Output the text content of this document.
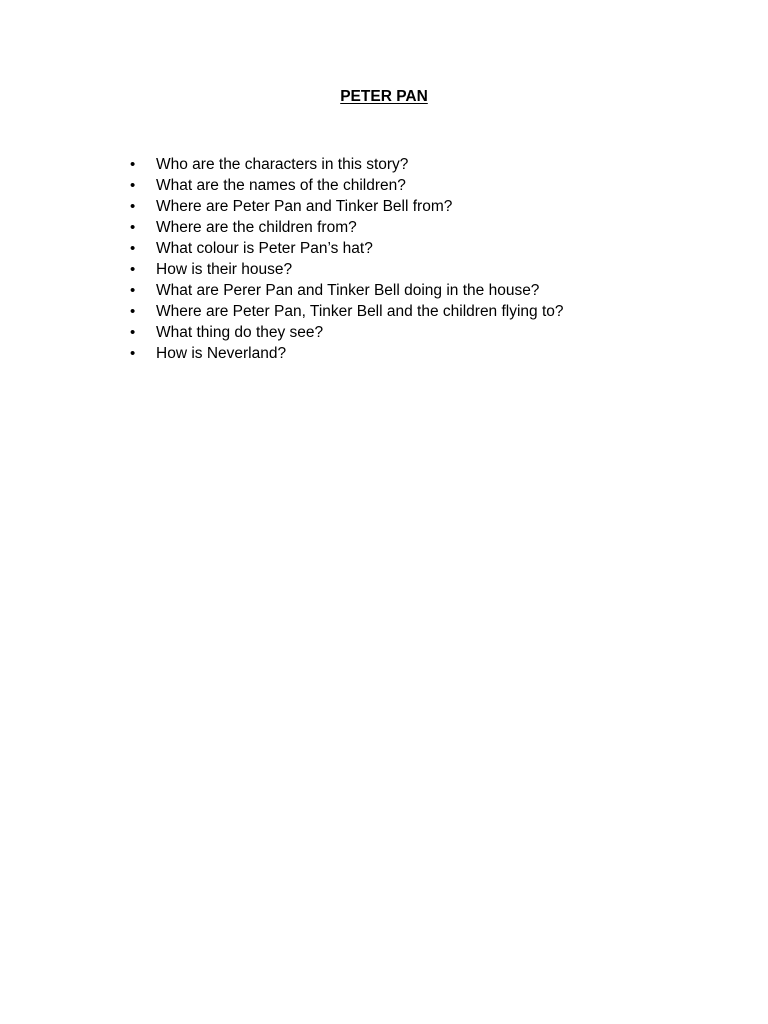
PETER PAN
•	Who are the characters in this story?
•	What are the names of the children?
•	Where are Peter Pan and Tinker Bell from?
•	Where are the children from?
•	What colour is Peter Pan’s hat?
•	How is their house?
•	What are Perer Pan and Tinker Bell doing in the house?
•	Where are Peter Pan, Tinker Bell and the children flying to?
•	What thing do they see?
•	How is Neverland?
